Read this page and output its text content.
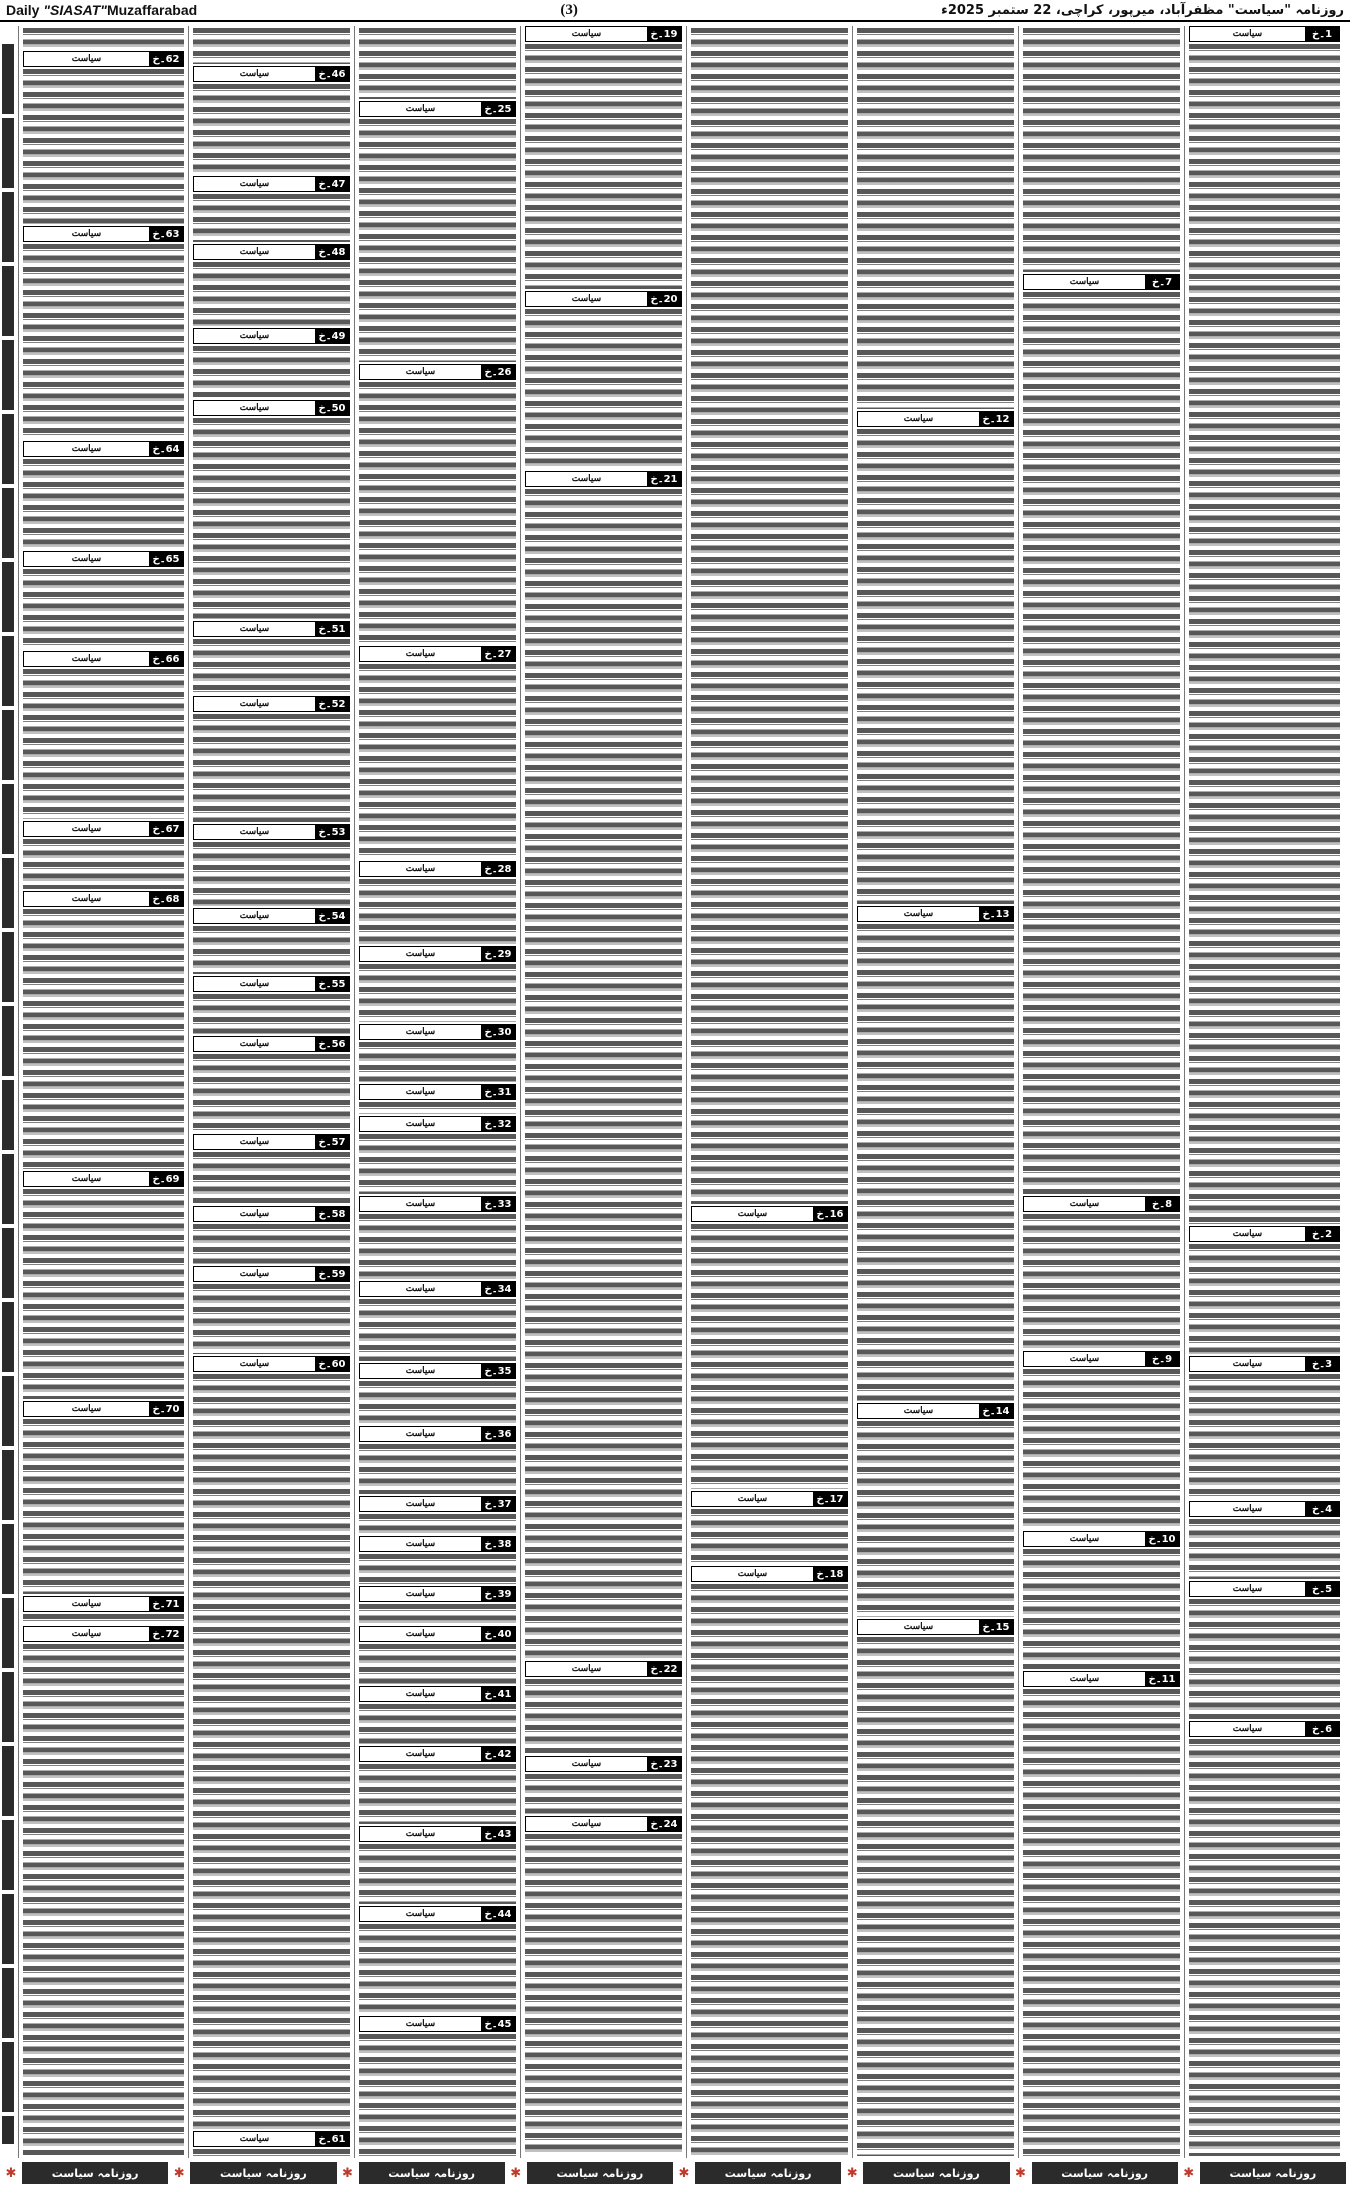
Daily "SIASAT"Muzaffarabad	(3)	روزنامہ "سیاست" مظفرآباد، میرپور، کراچی، 22 ستمبر 2025ء
سیاست	1۔خ
سیاست	2۔خ
سیاست	3۔خ
سیاست	4۔خ
سیاست	5۔خ
سیاست	6۔خ
سیاست	7۔خ
سیاست	8۔خ
سیاست	9۔خ
سیاست	10۔خ
سیاست	11۔خ
سیاست	12۔خ
سیاست	13۔خ
سیاست	14۔خ
سیاست	15۔خ
سیاست	16۔خ
سیاست	17۔خ
سیاست	18۔خ
سیاست	19۔خ
سیاست	20۔خ
سیاست	21۔خ
سیاست	22۔خ
سیاست	23۔خ
سیاست	24۔خ
سیاست	25۔خ
سیاست	26۔خ
سیاست	27۔خ
سیاست	28۔خ
سیاست	29۔خ
سیاست	30۔خ
سیاست	31۔خ
سیاست	32۔خ
سیاست	33۔خ
سیاست	34۔خ
سیاست	35۔خ
سیاست	36۔خ
سیاست	37۔خ
سیاست	38۔خ
سیاست	39۔خ
سیاست	40۔خ
سیاست	41۔خ
سیاست	42۔خ
سیاست	43۔خ
سیاست	44۔خ
سیاست	45۔خ
سیاست	46۔خ
سیاست	47۔خ
سیاست	48۔خ
سیاست	49۔خ
سیاست	50۔خ
سیاست	51۔خ
سیاست	52۔خ
سیاست	53۔خ
سیاست	54۔خ
سیاست	55۔خ
سیاست	56۔خ
سیاست	57۔خ
سیاست	58۔خ
سیاست	59۔خ
سیاست	60۔خ
سیاست	61۔خ
سیاست	62۔خ
سیاست	63۔خ
سیاست	64۔خ
سیاست	65۔خ
سیاست	66۔خ
سیاست	67۔خ
سیاست	68۔خ
سیاست	69۔خ
سیاست	70۔خ
سیاست	71۔خ
سیاست	72۔خ
✱	روزنامہ سیاست	✱	روزنامہ سیاست	✱	روزنامہ سیاست	✱	روزنامہ سیاست	✱	روزنامہ سیاست	✱	روزنامہ سیاست	✱	روزنامہ سیاست	✱	روزنامہ سیاست
